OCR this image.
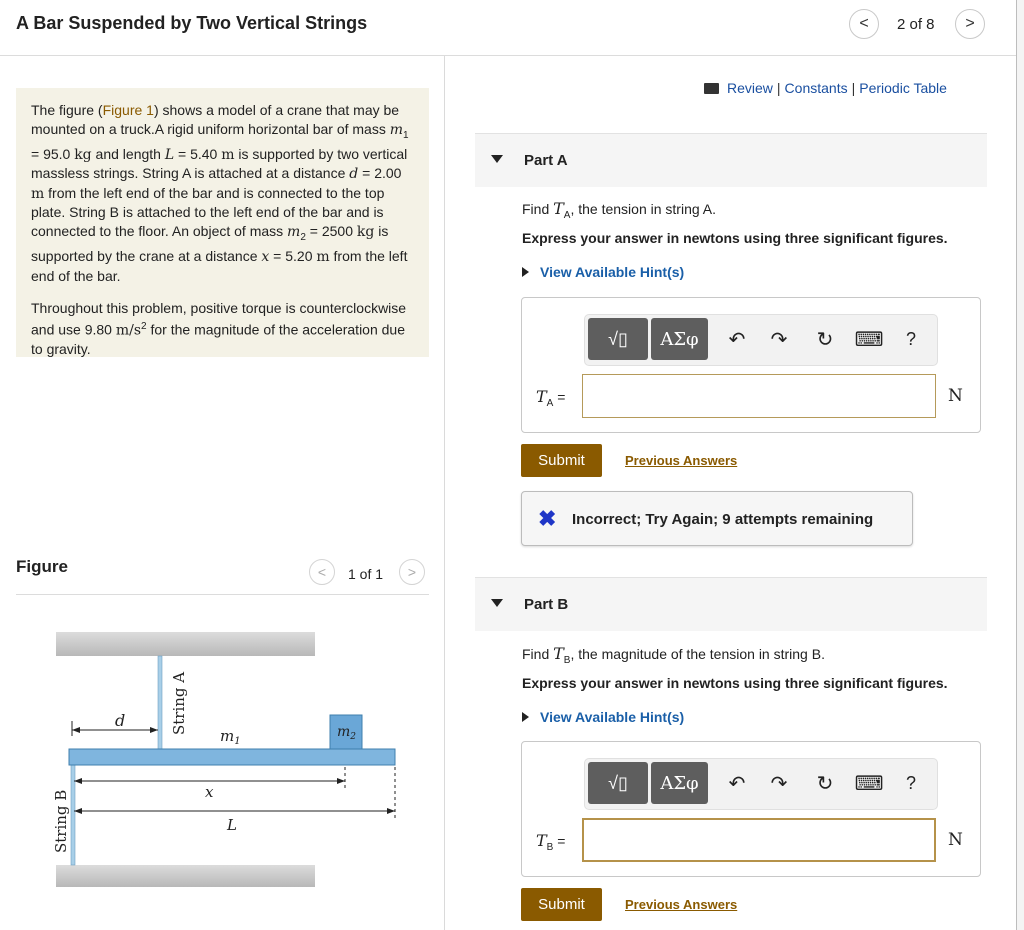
A Bar Suspended by Two Vertical Strings	< 2 of 8 >

The figure (Figure 1) shows a model of a crane that may be mounted on a truck.A rigid uniform horizontal bar of mass $m_1 = 95.0$ kg and length L = 5.40 m is supported by two vertical massless strings. String A is attached at a distance d = 2.00 m from the left end of the bar and is connected to the top plate. String B is attached to the left end of the bar and is connected to the floor. An object of mass $m_2 = 2500$ kg is supported by the crane at a distance x = 5.20 m from the left end of the bar.

Throughout this problem, positive torque is counterclockwise and use 9.80 $m/s^2$ for the magnitude of the acceleration due to gravity.

Figure	< 1 of 1 >
d	String A
String B
$m_1$
$m_2$
x
L
Review | Constants | Periodic Table
Part A
Find $T_A$, the tension in string A.
Express your answer in newtons using three significant figures.
View Available Hint(s)
√▯ ΑΣφ ↶ ↷ ↻ ⌨	?
$T_A$ =	N
Submit	Previous Answers
✖ Incorrect; Try Again; 9 attempts remaining
Part B
Find $T_B$, the magnitude of the tension in string B.
Express your answer in newtons using three significant figures.
View Available Hint(s)
√▯ ΑΣφ ↶ ↷ ↻ ⌨	?
$T_B$ =	N
Submit	Previous Answers
